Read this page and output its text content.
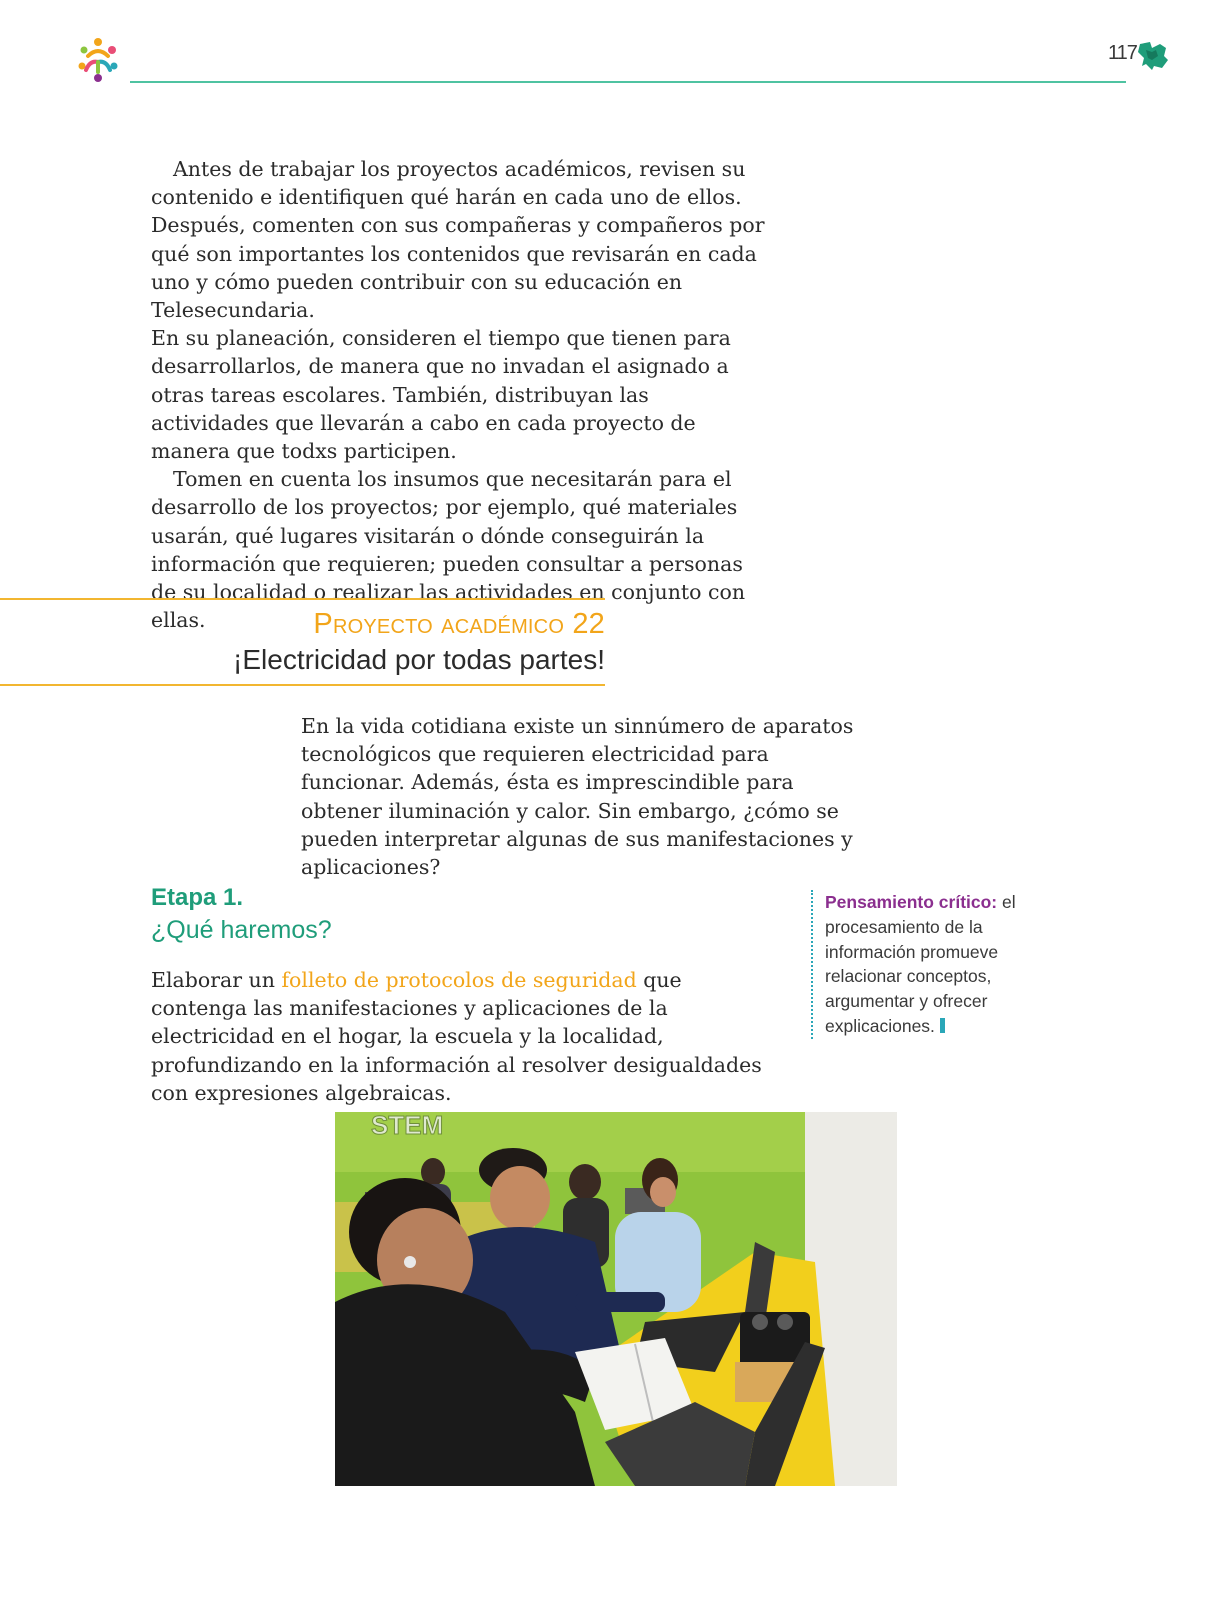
117

Antes de trabajar los proyectos académicos, revisen su contenido e identifiquen qué harán en cada uno de ellos. Después, comenten con sus compañeras y compañeros por qué son importantes los contenidos que revisarán en cada uno y cómo pueden contribuir con su educación en Telesecundaria.

En su planeación, consideren el tiempo que tienen para desarrollarlos, de manera que no invadan el asignado a otras tareas escolares. También, distribuyan las actividades que llevarán a cabo en cada proyecto de manera que todxs participen.

Tomen en cuenta los insumos que necesitarán para el desarrollo de los proyectos; por ejemplo, qué materiales usarán, qué lugares visitarán o dónde conseguirán la información que requieren; pueden consultar a personas de su localidad o realizar las actividades en conjunto con ellas.	Proyecto académico 22
¡Electricidad por todas partes!

En la vida cotidiana existe un sinnúmero de aparatos tecnológicos que requieren electricidad para funcionar. Además, ésta es imprescindible para obtener iluminación y calor. Sin embargo, ¿cómo se pueden interpretar algunas de sus manifestaciones y aplicaciones?

Etapa 1.
¿Qué haremos?

Elaborar un folleto de protocolos de seguridad que contenga las manifestaciones y aplicaciones de la electricidad en el hogar, la escuela y la localidad, profundizando en la información al resolver desigualdades con expresiones algebraicas.

Pensamiento crítico: el procesamiento de la información promueve relacionar conceptos, argumentar y ofrecer explicaciones.
STEM
